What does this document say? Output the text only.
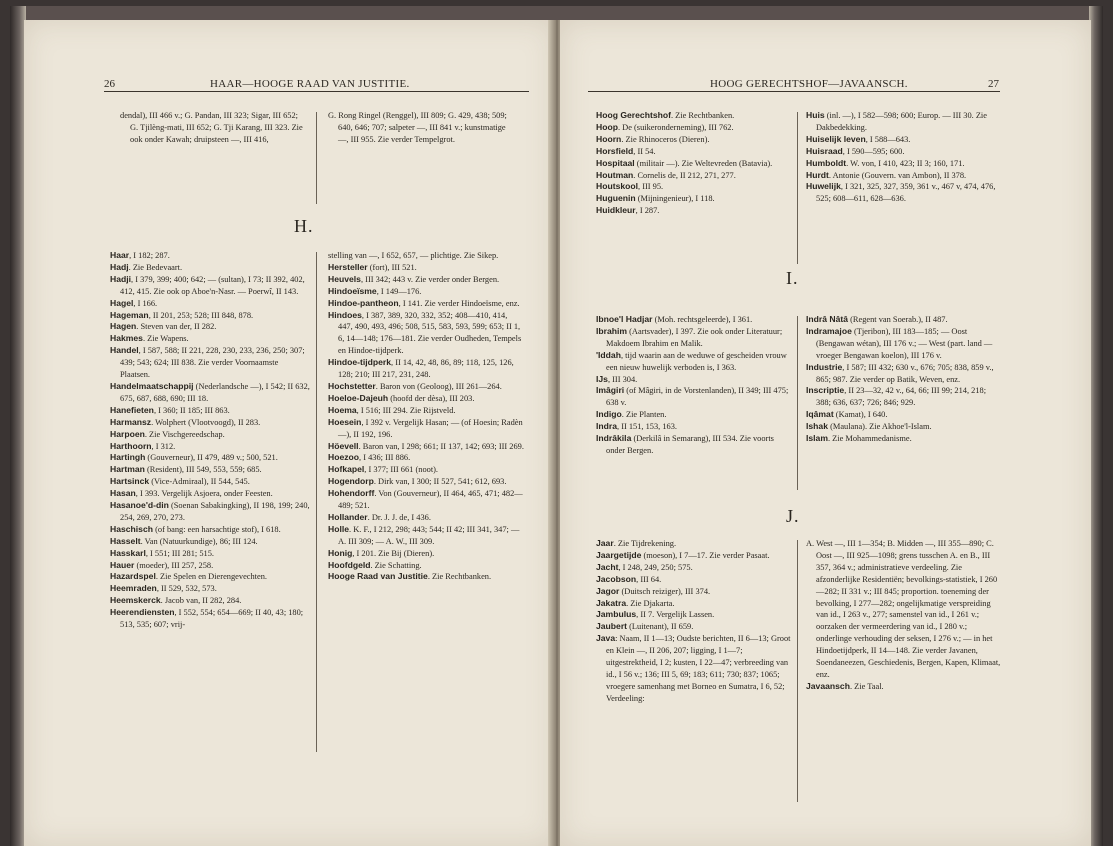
26	HAAR—HOOGE RAAD VAN JUSTITIE.

dendal), III 466 v.; G. Pandan, III 323; Sigar, III 652; G. Tjilèng-mati, III 652; G. Tji Karang, III 323. Zie ook onder Kawah; druipsteen —, III 416,

G. Rong Ringel (Renggel), III 809; G. 429, 438; 509; 640, 646; 707; salpeter —, III 841 v.; kunstmatige —, III 955. Zie verder Tempelgrot.

H.

Haar, I 182; 287.

Hadj. Zie Bedevaart.

Hadji, I 379, 399; 400; 642; — (sultan), I 73; II 392, 402, 412, 415. Zie ook op Aboe'n-Nasr. — Poerwî, II 143.

Hagel, I 166.

Hageman, II 201, 253; 528; III 848, 878.

Hagen. Steven van der, II 282.

Hakmes. Zie Wapens.

Handel, I 587, 588; II 221, 228, 230, 233, 236, 250; 307; 439; 543; 624; III 838. Zie verder Voornaamste Plaatsen.

Handelmaatschappij (Nederlandsche —), I 542; II 632, 675, 687, 688, 690; III 18.

Hanefieten, I 360; II 185; III 863.

Harmansz. Wolphert (Vlootvoogd), II 283.

Harpoen. Zie Vischgereedschap.

Harthoorn, I 312.

Hartingh (Gouverneur), II 479, 489 v.; 500, 521.

Hartman (Resident), III 549, 553, 559; 685.

Hartsinck (Vice-Admiraal), II 544, 545.

Hasan, I 393. Vergelijk Asjoera, onder Feesten.

Hasanoe'd-din (Soenan Sabakingking), II 198, 199; 240, 254, 269, 270, 273.

Haschisch (of bang: een harsachtige stof), I 618.

Hasselt. Van (Natuurkundige), 86; III 124.

Hasskarl, I 551; III 281; 515.

Hauer (moeder), III 257, 258.

Hazardspel. Zie Spelen en Dierengevechten.

Heemraden, II 529, 532, 573.

Heemskerck. Jacob van, II 282, 284.

Heerendiensten, I 552, 554; 654—669; II 40, 43; 180; 513, 535; 607; vrij-

stelling van —, I 652, 657, — plichtige. Zie Sikep.

Hersteller (fort), III 521.

Heuvels, III 342; 443 v. Zie verder onder Bergen.

Hindoeïsme, I 149—176.

Hindoe-pantheon, I 141. Zie verder Hindoeïsme, enz.

Hindoes, I 387, 389, 320, 332, 352; 408—410, 414, 447, 490, 493, 496; 508, 515, 583, 593, 599; 653; II 1, 6, 14—148; 176—181. Zie verder Oudheden, Tempels en Hindoe-tijdperk.

Hindoe-tijdperk, II 14, 42, 48, 86, 89; 118, 125, 126, 128; 210; III 217, 231, 248.

Hochstetter. Baron von (Geoloog), III 261—264.

Hoeloe-Dajeuh (hoofd der dèsa), III 203.

Hoema, I 516; III 294. Zie Rijstveld.

Hoesein, I 392 v. Vergelijk Hasan; — (of Hoesin; Radèn —), II 192, 196.

Höevell. Baron van, I 298; 661; II 137, 142; 693; III 269.

Hoezoo, I 436; III 886.

Hofkapel, I 377; III 661 (noot).

Hogendorp. Dirk van, I 300; II 527, 541; 612, 693.

Hohendorff. Von (Gouverneur), II 464, 465, 471; 482—489; 521.

Hollander. Dr. J. J. de, I 436.

Holle. K. F., I 212, 298; 443; 544; II 42; III 341, 347; — A. III 309; — A. W., III 309.

Honig, I 201. Zie Bij (Dieren).

Hoofdgeld. Zie Schatting.

Hooge Raad van Justitie. Zie Rechtbanken.

HOOG GERECHTSHOF—JAVAANSCH.	27

Hoog Gerechtshof. Zie Rechtbanken.

Hoop. De (suikeronderneming), III 762.

Hoorn. Zie Rhinoceros (Dieren).

Horsfield, II 54.

Hospitaal (militair —). Zie Weltevreden (Batavia).

Houtman. Cornelis de, II 212, 271, 277.

Houtskool, III 95.

Huguenin (Mijningenieur), I 118.

Huidkleur, I 287.

Huis (inl. —), I 582—598; 600; Europ. — III 30. Zie Dakbedekking.

Huiselijk leven, I 588—643.

Huisraad, I 590—595; 600.

Humboldt. W. von, I 410, 423; II 3; 160, 171.

Hurdt. Antonie (Gouvern. van Ambon), II 378.

Huwelijk, I 321, 325, 327, 359, 361 v., 467 v, 474, 476, 525; 608—611, 628—636.

I.

Ibnoe'l Hadjar (Moh. rechtsgeleerde), I 361.

Ibrahim (Aartsvader), I 397. Zie ook onder Literatuur; Makdoem Ibrahim en Malik.

'Iddah, tijd waarin aan de weduwe of gescheiden vrouw een nieuw huwelijk verboden is, I 363.

IJs, III 304.

Imâgiri (of Mâgiri, in de Vorstenlanden), II 349; III 475; 638 v.

Indigo. Zie Planten.

Indra, II 151, 153, 163.

Indrâkila (Derkilâ in Semarang), III 534. Zie voorts onder Bergen.

Indrâ Nâtâ (Regent van Soerab.), II 487.

Indramajoe (Tjeribon), III 183—185; — Oost (Bengawan wétan), III 176 v.; — West (part. land — vroeger Bengawan koelon), III 176 v.

Industrie, I 587; III 432; 630 v., 676; 705; 838, 859 v., 865; 987. Zie verder op Batik, Weven, enz.

Inscriptie, II 23—32, 42 v., 64, 66; III 99; 214, 218; 388; 636, 637; 726; 846; 929.

Iqâmat (Kamat), I 640.

Ishak (Maulana). Zie Akhoe'l-Islam.

Islam. Zie Mohammedanisme.

J.

Jaar. Zie Tijdrekening.

Jaargetijde (moeson), I 7—17. Zie verder Pasaat.

Jacht, I 248, 249, 250; 575.

Jacobson, III 64.

Jagor (Duitsch reiziger), III 374.

Jakatra. Zie Djakarta.

Jambulus, II 7. Vergelijk Lassen.

Jaubert (Luitenant), II 659.

Java: Naam, II 1—13; Oudste berichten, II 6—13; Groot en Klein —, II 206, 207; ligging, I 1—7; uitgestrektheid, I 2; kusten, I 22—47; verbreeding van id., I 56 v.; 136; III 5, 69; 183; 611; 730; 837; 1065; vroegere samenhang met Borneo en Sumatra, I 6, 52; Verdeeling:

A. West —, III 1—354; B. Midden —, III 355—890; C. Oost —, III 925—1098; grens tusschen A. en B., III 357, 364 v.; administratieve verdeeling. Zie afzonderlijke Residentiën; bevolkings-statistiek, I 260—282; II 331 v.; III 845; proportion. toeneming der bevolking, I 277—282; ongelijkmatige verspreiding van id., I 263 v., 277; samenstel van id., I 261 v.; oorzaken der vermeerdering van id., I 280 v.; onderlinge verhouding der seksen, I 276 v.; — in het Hindoetijdperk, II 14—148. Zie verder Javanen, Soendaneezen, Geschiedenis, Bergen, Kapen, Klimaat, enz.

Javaansch. Zie Taal.
